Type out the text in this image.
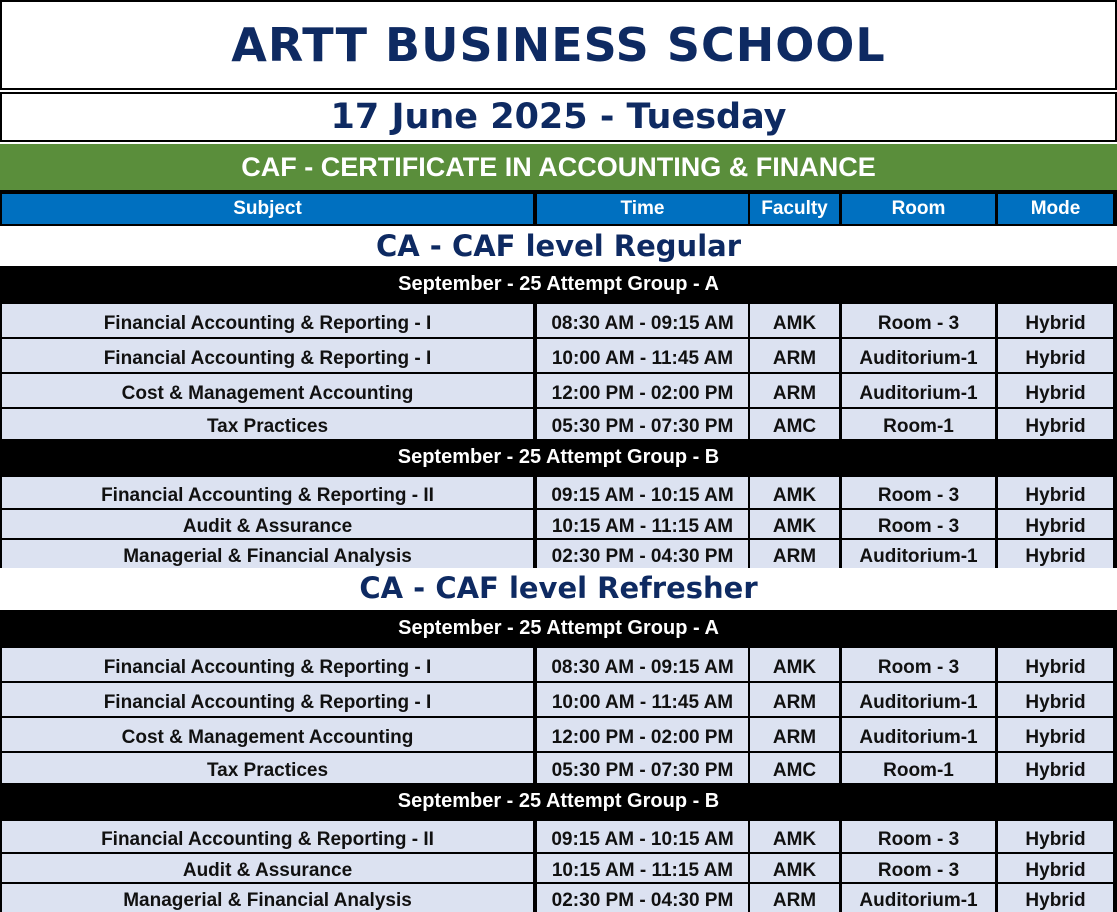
ARTT BUSINESS SCHOOL
17 June 2025 - Tuesday
CAF - CERTIFICATE IN ACCOUNTING & FINANCE
Subject	Time	Faculty	Room	Mode
CA - CAF level Regular
September - 25 Attempt Group - A
Financial Accounting & Reporting - I	08:30 AM - 09:15 AM	AMK	Room - 3	Hybrid
Financial Accounting & Reporting - I	10:00 AM - 11:45 AM	ARM	Auditorium-1	Hybrid
Cost & Management Accounting	12:00 PM - 02:00 PM	ARM	Auditorium-1	Hybrid
Tax Practices	05:30 PM - 07:30 PM	AMC	Room-1	Hybrid
September - 25 Attempt Group - B
Financial Accounting & Reporting - II	09:15 AM - 10:15 AM	AMK	Room - 3	Hybrid
Audit & Assurance	10:15 AM - 11:15 AM	AMK	Room - 3	Hybrid
Managerial & Financial Analysis	02:30 PM - 04:30 PM	ARM	Auditorium-1	Hybrid
CA - CAF level Refresher
September - 25 Attempt Group - A
Financial Accounting & Reporting - I	08:30 AM - 09:15 AM	AMK	Room - 3	Hybrid
Financial Accounting & Reporting - I	10:00 AM - 11:45 AM	ARM	Auditorium-1	Hybrid
Cost & Management Accounting	12:00 PM - 02:00 PM	ARM	Auditorium-1	Hybrid
Tax Practices	05:30 PM - 07:30 PM	AMC	Room-1	Hybrid
September - 25 Attempt Group - B
Financial Accounting & Reporting - II	09:15 AM - 10:15 AM	AMK	Room - 3	Hybrid
Audit & Assurance	10:15 AM - 11:15 AM	AMK	Room - 3	Hybrid
Managerial & Financial Analysis	02:30 PM - 04:30 PM	ARM	Auditorium-1	Hybrid
